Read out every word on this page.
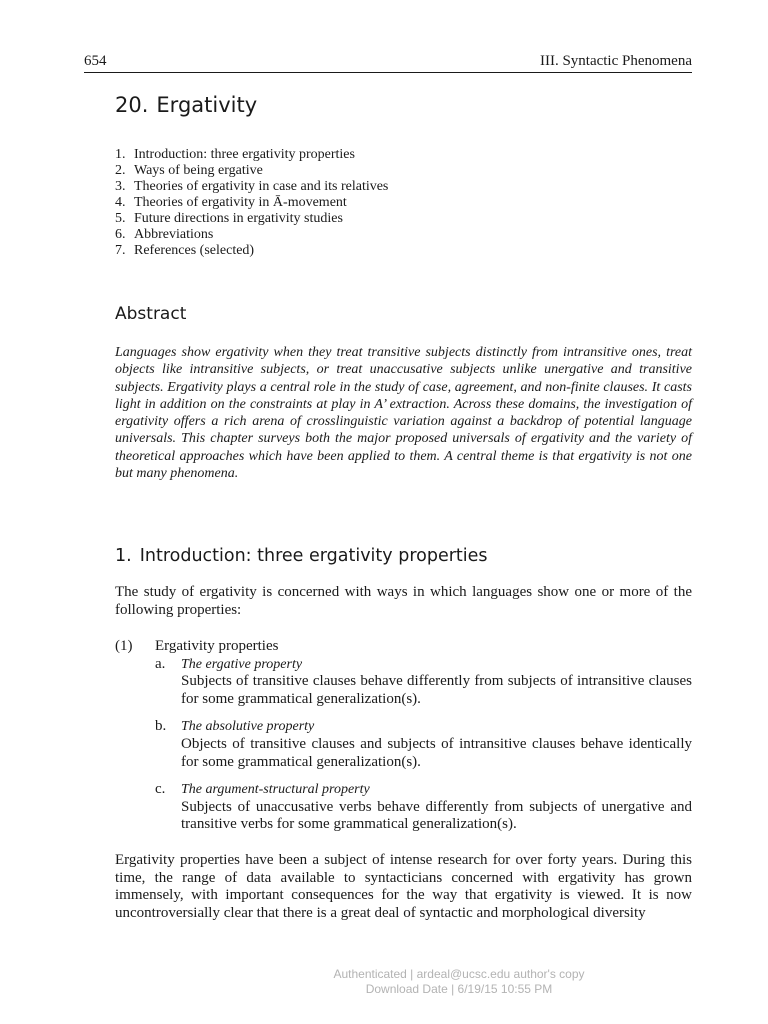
654	III. Syntactic Phenomena
20. Ergativity
1. Introduction: three ergativity properties
2. Ways of being ergative
3. Theories of ergativity in case and its relatives
4. Theories of ergativity in Ā-movement
5. Future directions in ergativity studies
6. Abbreviations
7. References (selected)
Abstract

Languages show ergativity when they treat transitive subjects distinctly from intransitive ones, treat objects like intransitive subjects, or treat unaccusative subjects unlike unergative and transitive subjects. Ergativity plays a central role in the study of case, agreement, and non-finite clauses. It casts light in addition on the constraints at play in A’ extraction. Across these domains, the investigation of ergativity offers a rich arena of crosslinguistic variation against a backdrop of potential language universals. This chapter surveys both the major proposed universals of ergativity and the variety of theoretical approaches which have been applied to them. A central theme is that ergativity is not one but many phenomena.

1. Introduction: three ergativity properties

The study of ergativity is concerned with ways in which languages show one or more of the following properties:

(1)	Ergativity properties
a.	The ergative property
Subjects of transitive clauses behave differently from subjects of intransitive clauses for some grammatical generalization(s).
b.	The absolutive property
Objects of transitive clauses and subjects of intransitive clauses behave identically for some grammatical generalization(s).
c.	The argument-structural property
Subjects of unaccusative verbs behave differently from subjects of unergative and transitive verbs for some grammatical generalization(s).

Ergativity properties have been a subject of intense research for over forty years. During this time, the range of data available to syntacticians concerned with ergativity has grown immensely, with important consequences for the way that ergativity is viewed. It is now uncontroversially clear that there is a great deal of syntactic and morphological diversity

Authenticated | ardeal@ucsc.edu author's copy
Download Date | 6/19/15 10:55 PM
